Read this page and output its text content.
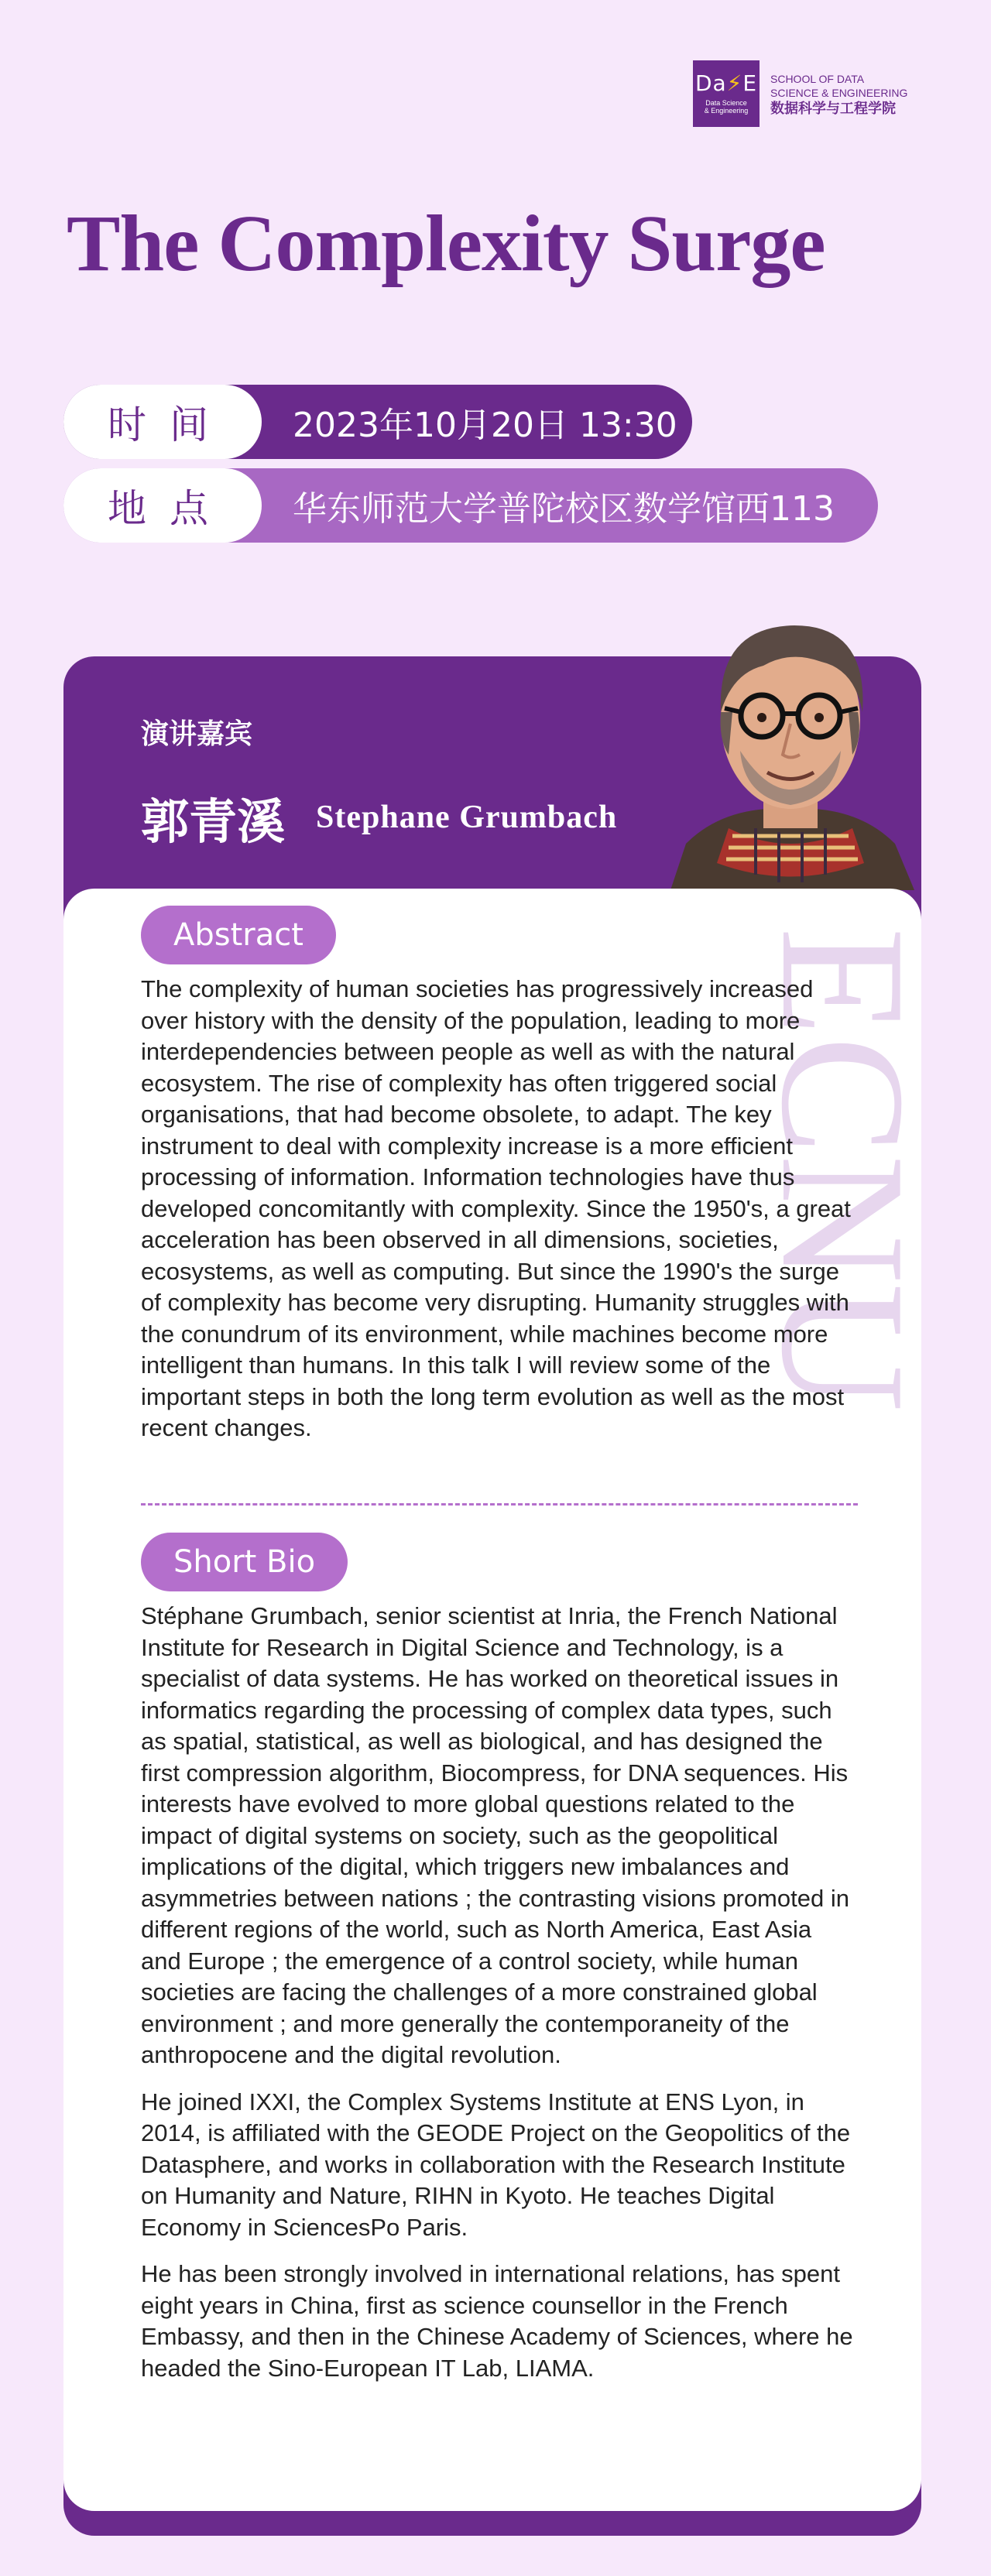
Da⚡E
Data Science
& Engineering
SCHOOL OF DATA
SCIENCE & ENGINEERING
数据科学与工程学院
The Complexity Surge
时间	2023年10月20日 13:30
地点	华东师范大学普陀校区数学馆西113
演讲嘉宾
郭青溪 Stephane Grumbach
ECNU
Abstract

The complexity of human societies has progressively increased over history with the density of the population, leading to more interdependencies between people as well as with the natural ecosystem. The rise of complexity has often triggered social organisations, that had become obsolete, to adapt. The key instrument to deal with complexity increase is a more efficient processing of information. Information technologies have thus developed concomitantly with complexity. Since the 1950's, a great acceleration has been observed in all dimensions, societies, ecosystems, as well as computing. But since the 1990's the surge of complexity has become very disrupting. Humanity struggles with the conundrum of its environment, while machines become more intelligent than humans. In this talk I will review some of the important steps in both the long term evolution as well as the most recent changes.

Short Bio

Stéphane Grumbach, senior scientist at Inria, the French National Institute for Research in Digital Science and Technology, is a specialist of data systems. He has worked on theoretical issues in informatics regarding the processing of complex data types, such as spatial, statistical, as well as biological, and has designed the first compression algorithm, Biocompress, for DNA sequences. His interests have evolved to more global questions related to the impact of digital systems on society, such as the geopolitical implications of the digital, which triggers new imbalances and asymmetries between nations ; the contrasting visions promoted in different regions of the world, such as North America, East Asia and Europe ; the emergence of a control society, while human societies are facing the challenges of a more constrained global environment ; and more generally the contemporaneity of the anthropocene and the digital revolution.

He joined IXXI, the Complex Systems Institute at ENS Lyon, in 2014, is affiliated with the GEODE Project on the Geopolitics of the Datasphere, and works in collaboration with the Research Institute on Humanity and Nature, RIHN in Kyoto. He teaches Digital Economy in SciencesPo Paris.

He has been strongly involved in international relations, has spent eight years in China, first as science counsellor in the French Embassy, and then in the Chinese Academy of Sciences, where he headed the Sino-European IT Lab, LIAMA.
